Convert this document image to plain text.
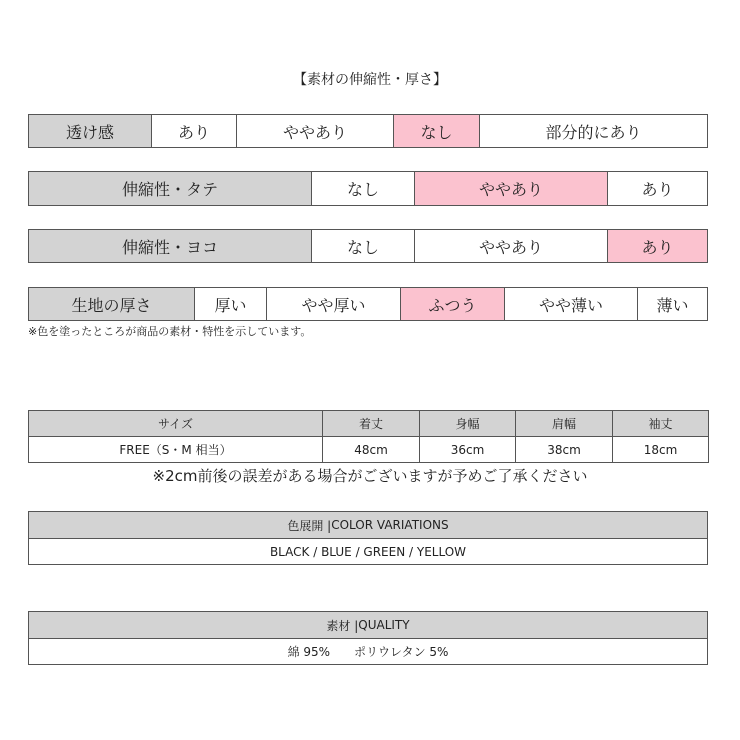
【素材の伸縮性・厚さ】
透け感	あり	ややあり	なし	部分的にあり
伸縮性・タテ	なし	ややあり	あり
伸縮性・ヨコ	なし	ややあり	あり
生地の厚さ	厚い	やや厚い	ふつう	やや薄い	薄い
※色を塗ったところが商品の素材・特性を示しています。
サイズ	着丈	身幅	肩幅	袖丈
FREE（S・M 相当）	48cm	36cm	38cm	18cm
※2cm前後の誤差がある場合がございますが予めご了承ください
色展開 | COLOR VARIATIONS
BLACK / BLUE / GREEN / YELLOW
素材 | QUALITY
綿 95%　　ポリウレタン 5%
